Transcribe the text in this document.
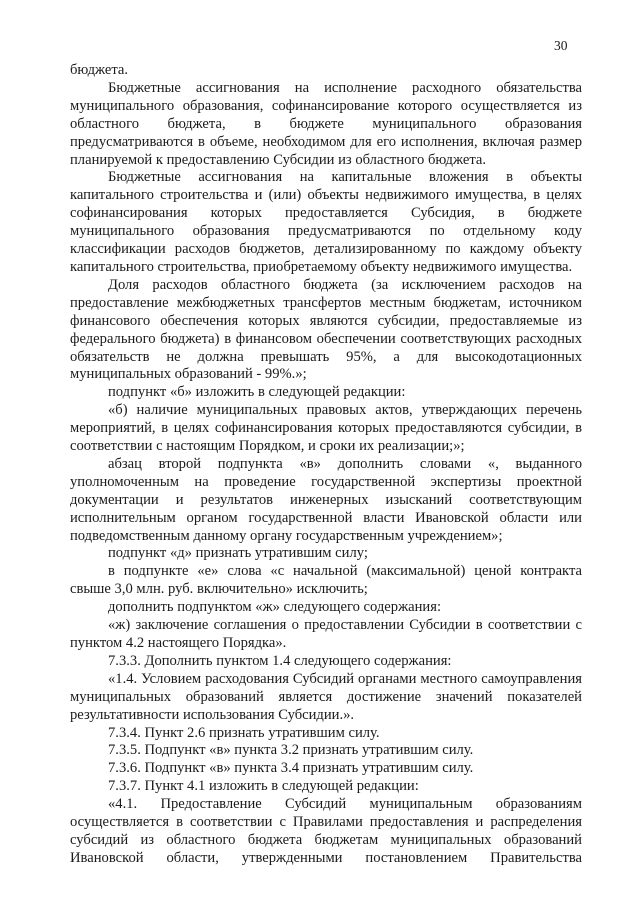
30

бюджета.

Бюджетные ассигнования на исполнение расходного обязательства муниципального образования, софинансирование которого осуществляется из областного бюджета, в бюджете муниципального образования предусматриваются в объеме, необходимом для его исполнения, включая размер планируемой к предоставлению Субсидии из областного бюджета.

Бюджетные ассигнования на капитальные вложения в объекты капитального строительства и (или) объекты недвижимого имущества, в целях софинансирования которых предоставляется Субсидия, в бюджете муниципального образования предусматриваются по отдельному коду классификации расходов бюджетов, детализированному по каждому объекту капитального строительства, приобретаемому объекту недвижимого имущества.

Доля расходов областного бюджета (за исключением расходов на предоставление межбюджетных трансфертов местным бюджетам, источником финансового обеспечения которых являются субсидии, предоставляемые из федерального бюджета) в финансовом обеспечении соответствующих расходных обязательств не должна превышать 95%, а для высокодотационных муниципальных образований - 99%.»;

подпункт «б» изложить в следующей редакции:

«б) наличие муниципальных правовых актов, утверждающих перечень мероприятий, в целях софинансирования которых предоставляются субсидии, в соответствии с настоящим Порядком, и сроки их реализации;»;

абзац второй подпункта «в» дополнить словами «, выданного уполномоченным на проведение государственной экспертизы проектной документации и результатов инженерных изысканий соответствующим исполнительным органом государственной власти Ивановской области или подведомственным данному органу государственным учреждением»;

подпункт «д» признать утратившим силу;

в подпункте «е» слова «с начальной (максимальной) ценой контракта свыше 3,0 млн. руб. включительно» исключить;

дополнить подпунктом «ж» следующего содержания:

«ж) заключение соглашения о предоставлении Субсидии в соответствии с пунктом 4.2 настоящего Порядка».

7.3.3. Дополнить пунктом 1.4 следующего содержания:

«1.4. Условием расходования Субсидий органами местного самоуправления муниципальных образований является достижение значений показателей результативности использования Субсидии.».

7.3.4. Пункт 2.6 признать утратившим силу.

7.3.5. Подпункт «в» пункта 3.2 признать утратившим силу.

7.3.6. Подпункт «в» пункта 3.4 признать утратившим силу.

7.3.7. Пункт 4.1 изложить в следующей редакции:

«4.1. Предоставление Субсидий муниципальным образованиям осуществляется в соответствии с Правилами предоставления и распределения субсидий из областного бюджета бюджетам муниципальных образований Ивановской области, утвержденными постановлением Правительства
